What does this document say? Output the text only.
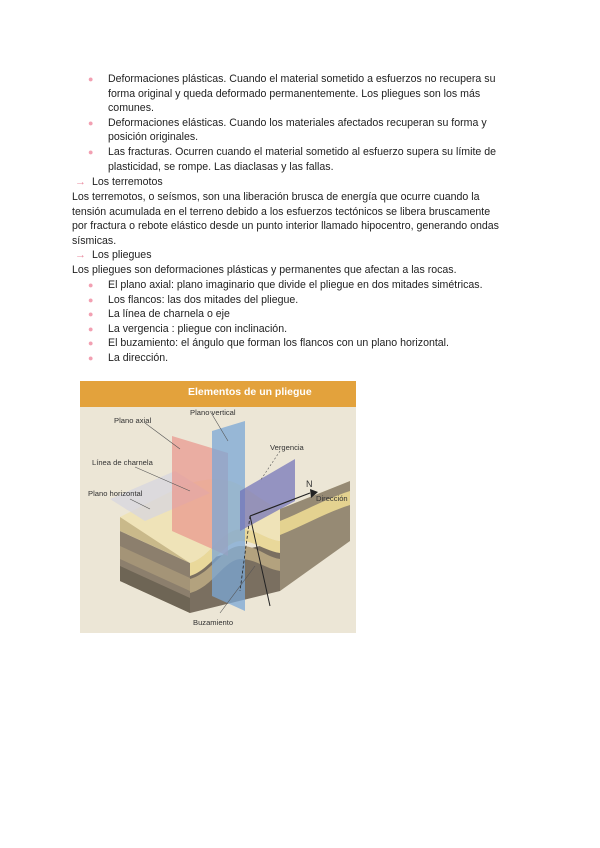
● Deformaciones plásticas. Cuando el material sometido a esfuerzos no recupera su
forma original y queda deformado permanentemente. Los pliegues son los más
comunes.
● Deformaciones elásticas. Cuando los materiales afectados recuperan su forma y
posición originales.
● Las fracturas. Ocurren cuando el material sometido al esfuerzo supera su límite de
plasticidad, se rompe. Las diaclasas y las fallas.
→ Los terremotos
Los terremotos, o seísmos, son una liberación brusca de energía que ocurre cuando la
tensión acumulada en el terreno debido a los esfuerzos tectónicos se libera bruscamente
por fractura o rebote elástico desde un punto interior llamado hipocentro, generando ondas
sísmicas.
→ Los pliegues
Los pliegues son deformaciones plásticas y permanentes que afectan a las rocas.
● El plano axial: plano imaginario que divide el pliegue en dos mitades simétricas.
● Los flancos: las dos mitades del pliegue.
● La línea de charnela o eje
● La vergencia : pliegue con inclinación.
● El buzamiento: el ángulo que forman los flancos con un plano horizontal.
● La dirección.
Elementos de un pliegue
Plano vertical
Plano axial
Vergencia
Línea de charnela
Plano horizontal
N
Dirección
Buzamiento
